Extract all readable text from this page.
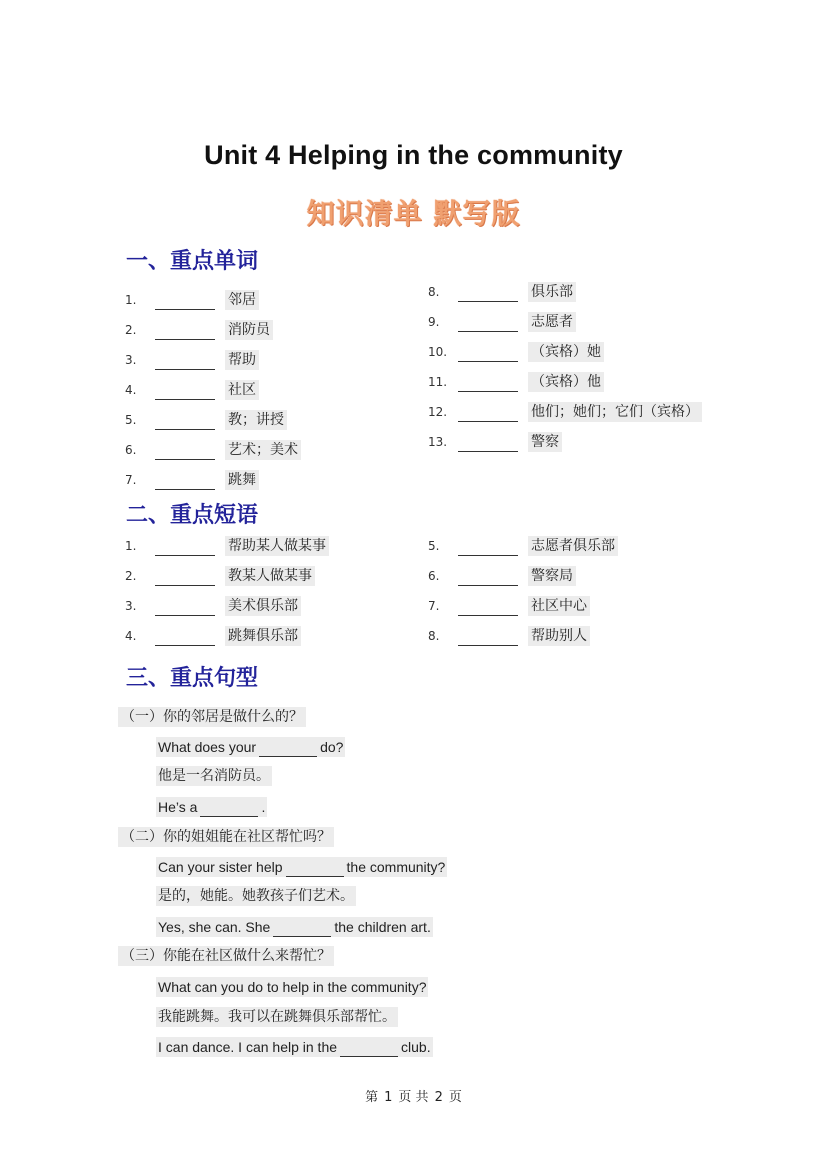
Unit 4 Helping in the community
知识清单 默写版
一、重点单词
1.	邻居
2.	消防员
3.	帮助
4.	社区
5.	教；讲授
6.	艺术；美术
7.	跳舞
8.	俱乐部
9.	志愿者
10.	（宾格）她
11.	（宾格）他
12.	他们；她们；它们（宾格）
13.	警察
二、重点短语
1.	帮助某人做某事
2.	教某人做某事
3.	美术俱乐部
4.	跳舞俱乐部
5.	志愿者俱乐部
6.	警察局
7.	社区中心
8.	帮助别人
三、重点句型
（一）你的邻居是做什么的？
What does your	do?
他是一名消防员。
He’s a	.
（二）你的姐姐能在社区帮忙吗？
Can your sister help	the community?
是的，她能。她教孩子们艺术。
Yes, she can. She	the children art.
（三）你能在社区做什么来帮忙？
What can you do to help in the community?
我能跳舞。我可以在跳舞俱乐部帮忙。
I can dance. I can help in the	club.
第 1 页 共 2 页
